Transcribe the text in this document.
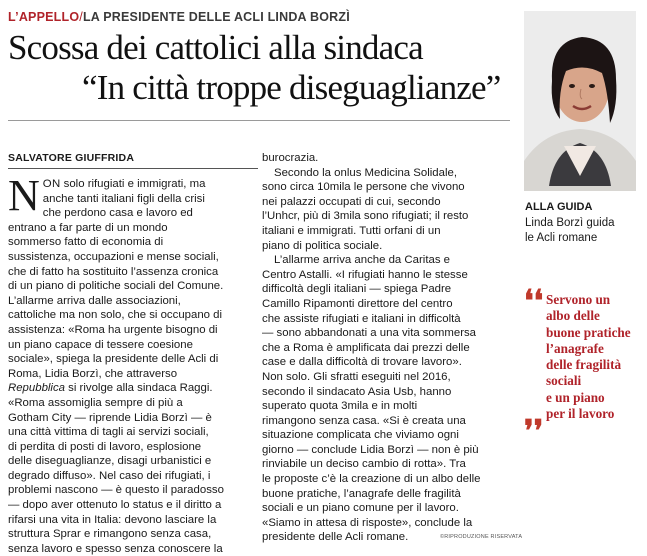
L’APPELLO/LA PRESIDENTE DELLE ACLI LINDA BORZÌ
Scossa dei cattolici alla sindaca
“In città troppe diseguaglianze”
SALVATORE GIUFFRIDA
N ON solo rifugiati e immigrati, ma
anche tanti italiani figli della crisi
che perdono casa e lavoro ed
entrano a far parte di un mondo
sommerso fatto di economia di
sussistenza, occupazioni e mense sociali,
che di fatto ha sostituito l’assenza cronica
di un piano di politiche sociali del Comune.
L’allarme arriva dalle associazioni,
cattoliche ma non solo, che si occupano di
assistenza: «Roma ha urgente bisogno di
un piano capace di tessere coesione
sociale», spiega la presidente delle Acli di
Roma, Lidia Borzì, che attraverso
Repubblica si rivolge alla sindaca Raggi.
«Roma assomiglia sempre di più a
Gotham City — riprende Lidia Borzì — è
una città vittima di tagli ai servizi sociali,
di perdita di posti di lavoro, esplosione
delle diseguaglianze, disagi urbanistici e
degrado diffuso». Nel caso dei rifugiati, i
problemi nascono — è questo il paradosso
— dopo aver ottenuto lo status e il diritto a
rifarsi una vita in Italia: devono lasciare la
struttura Sprar e rimangono senza casa,
senza lavoro e spesso senza conoscere la
burocrazia.
Secondo la onlus Medicina Solidale,
sono circa 10mila le persone che vivono
nei palazzi occupati di cui, secondo
l’Unhcr, più di 3mila sono rifugiati; il resto
italiani e immigrati. Tutti orfani di un
piano di politica sociale.
L’allarme arriva anche da Caritas e
Centro Astalli. «I rifugiati hanno le stesse
difficoltà degli italiani — spiega Padre
Camillo Ripamonti direttore del centro
che assiste rifugiati e italiani in difficoltà
— sono abbandonati a una vita sommersa
che a Roma è amplificata dai prezzi delle
case e dalla difficoltà di trovare lavoro».
Non solo. Gli sfratti eseguiti nel 2016,
secondo il sindacato Asia Usb, hanno
superato quota 3mila e in molti
rimangono senza casa. «Si è creata una
situazione complicata che viviamo ogni
giorno — conclude Lidia Borzì — non è più
rinviabile un deciso cambio di rotta». Tra
le proposte c’è la creazione di un albo delle
buone pratiche, l’anagrafe delle fragilità
sociali e un piano comune per il lavoro.
«Siamo in attesa di risposte», conclude la
presidente delle Acli romane.
ALLA GUIDA
Linda Borzì guida
le Acli romane
❛❛ Servono un
albo delle
buone pratiche
l’anagrafe
delle fragilità
sociali
e un piano
per il lavoro
❜❜
©RIPRODUZIONE RISERVATA
